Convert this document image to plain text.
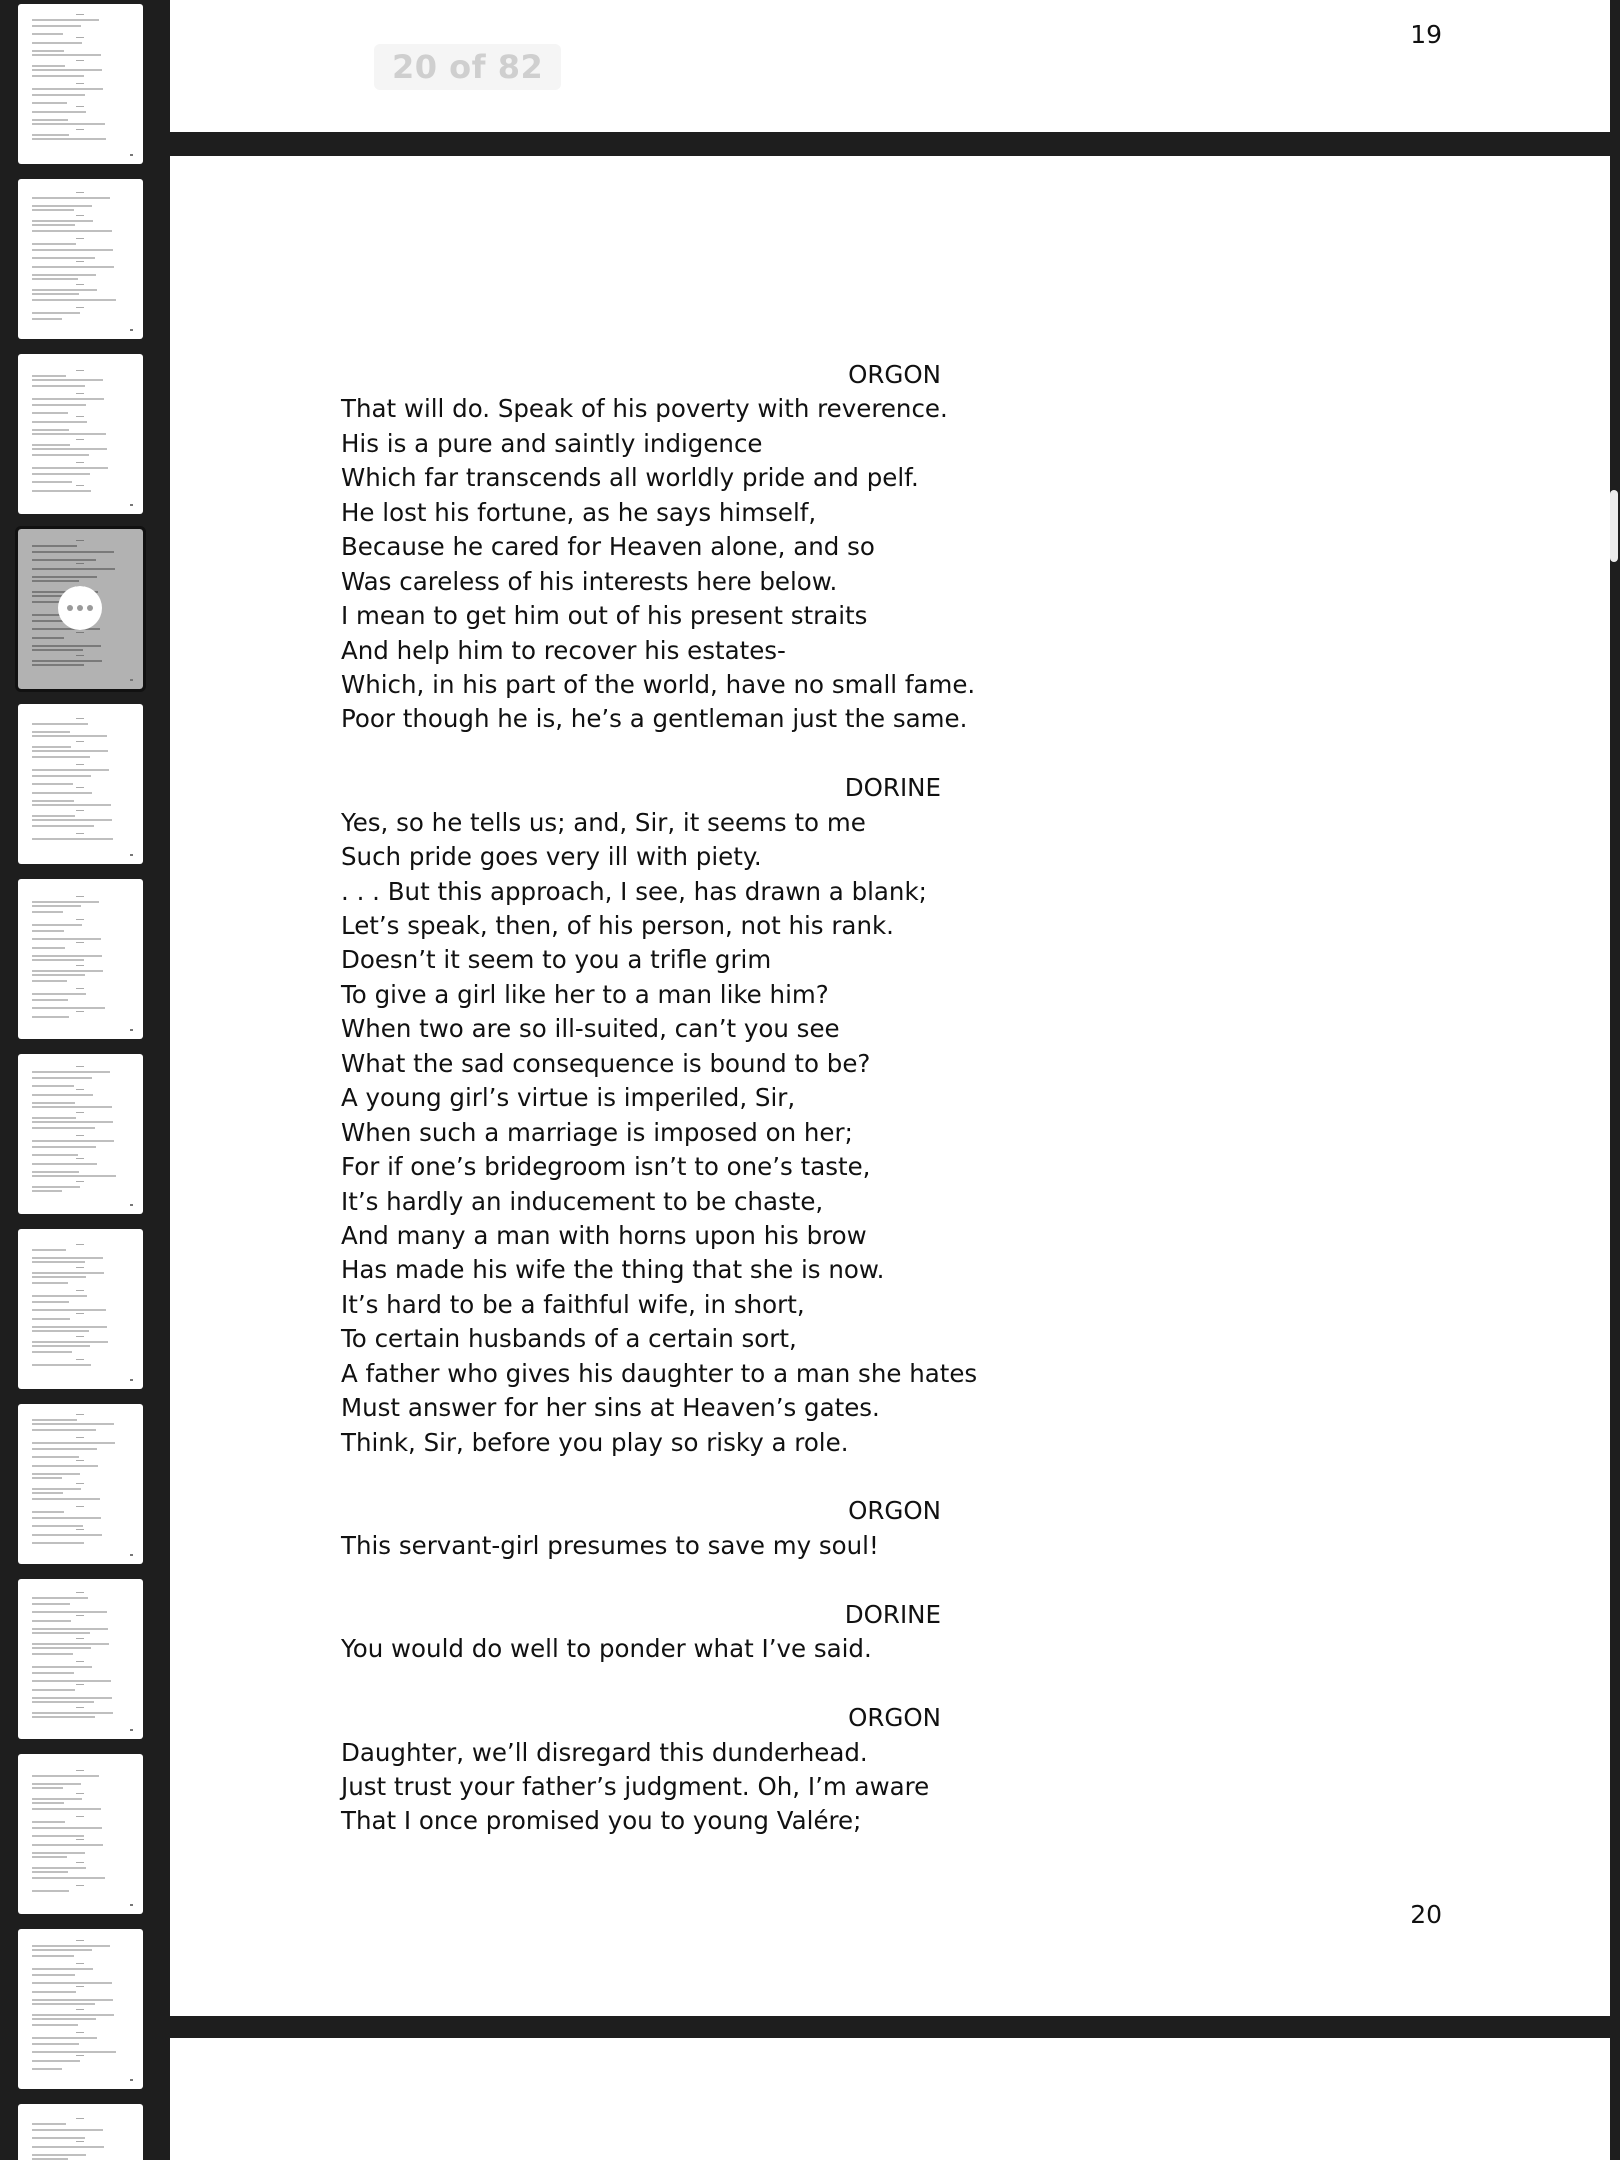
20 of 82
19
ORGON
That will do. Speak of his poverty with reverence.
His is a pure and saintly indigence
Which far transcends all worldly pride and pelf.
He lost his fortune, as he says himself,
Because he cared for Heaven alone, and so
Was careless of his interests here below.
I mean to get him out of his present straits
And help him to recover his estates-
Which, in his part of the world, have no small fame.
Poor though he is, he’s a gentleman just the same.
DORINE
Yes, so he tells us; and, Sir, it seems to me
Such pride goes very ill with piety.
. . . But this approach, I see, has drawn a blank;
Let’s speak, then, of his person, not his rank.
Doesn’t it seem to you a trifle grim
To give a girl like her to a man like him?
When two are so ill-suited, can’t you see
What the sad consequence is bound to be?
A young girl’s virtue is imperiled, Sir,
When such a marriage is imposed on her;
For if one’s bridegroom isn’t to one’s taste,
It’s hardly an inducement to be chaste,
And many a man with horns upon his brow
Has made his wife the thing that she is now.
It’s hard to be a faithful wife, in short,
To certain husbands of a certain sort,
A father who gives his daughter to a man she hates
Must answer for her sins at Heaven’s gates.
Think, Sir, before you play so risky a role.
ORGON
This servant-girl presumes to save my soul!
DORINE
You would do well to ponder what I’ve said.
ORGON
Daughter, we’ll disregard this dunderhead.
Just trust your father’s judgment. Oh, I’m aware
That I once promised you to young Valére;
20
